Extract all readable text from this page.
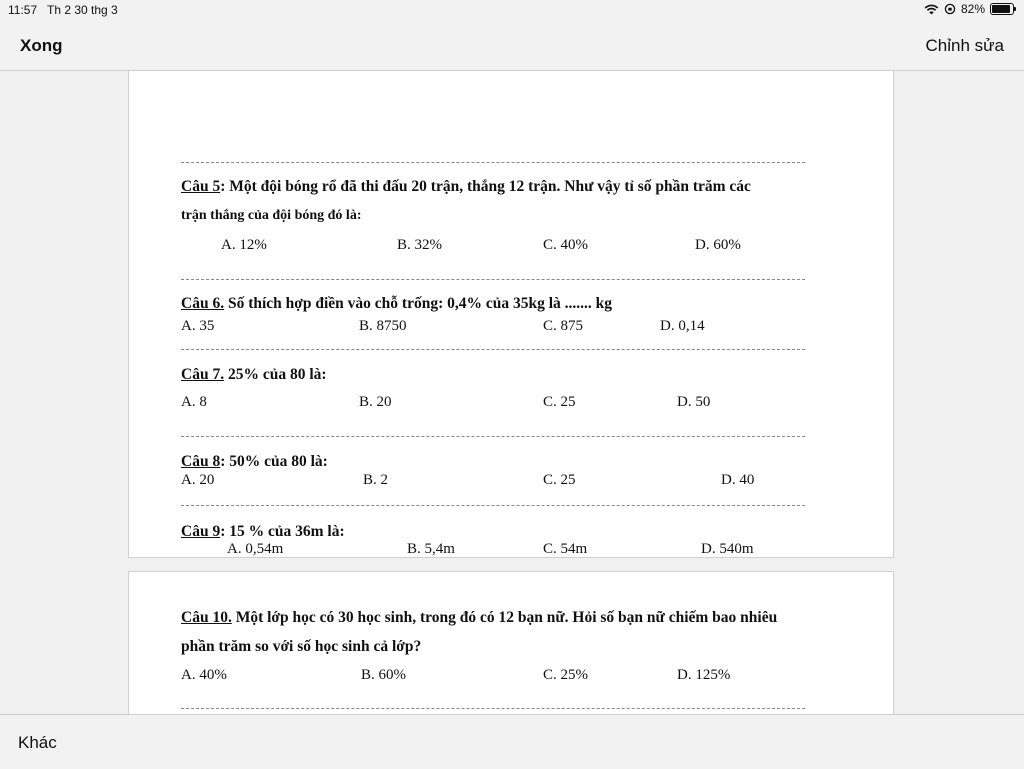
11:57 Th 2 30 thg 3	82%
Xong	Chỉnh sửa
Câu 5: Một đội bóng rổ đã thi đấu 20 trận, thắng 12 trận. Như vậy tỉ số phần trăm các
trận thắng của đội bóng đó là:
A. 12%	B. 32%	C. 40%	D. 60%
Câu 6. Số thích hợp điền vào chỗ trống: 0,4% của 35kg là ....... kg
A. 35	B. 8750	C. 875	D. 0,14
Câu 7. 25% của 80 là:
A. 8	B. 20	C. 25	D. 50
Câu 8: 50% của 80 là:
A. 20	B. 2	C. 25	D. 40
Câu 9: 15 % của 36m là:
A. 0,54m	B. 5,4m	C. 54m	D. 540m
Câu 10. Một lớp học có 30 học sinh, trong đó có 12 bạn nữ. Hỏi số bạn nữ chiếm bao nhiêu
phần trăm so với số học sinh cả lớp?
A. 40%	B. 60%	C. 25%	D. 125%
Khác
